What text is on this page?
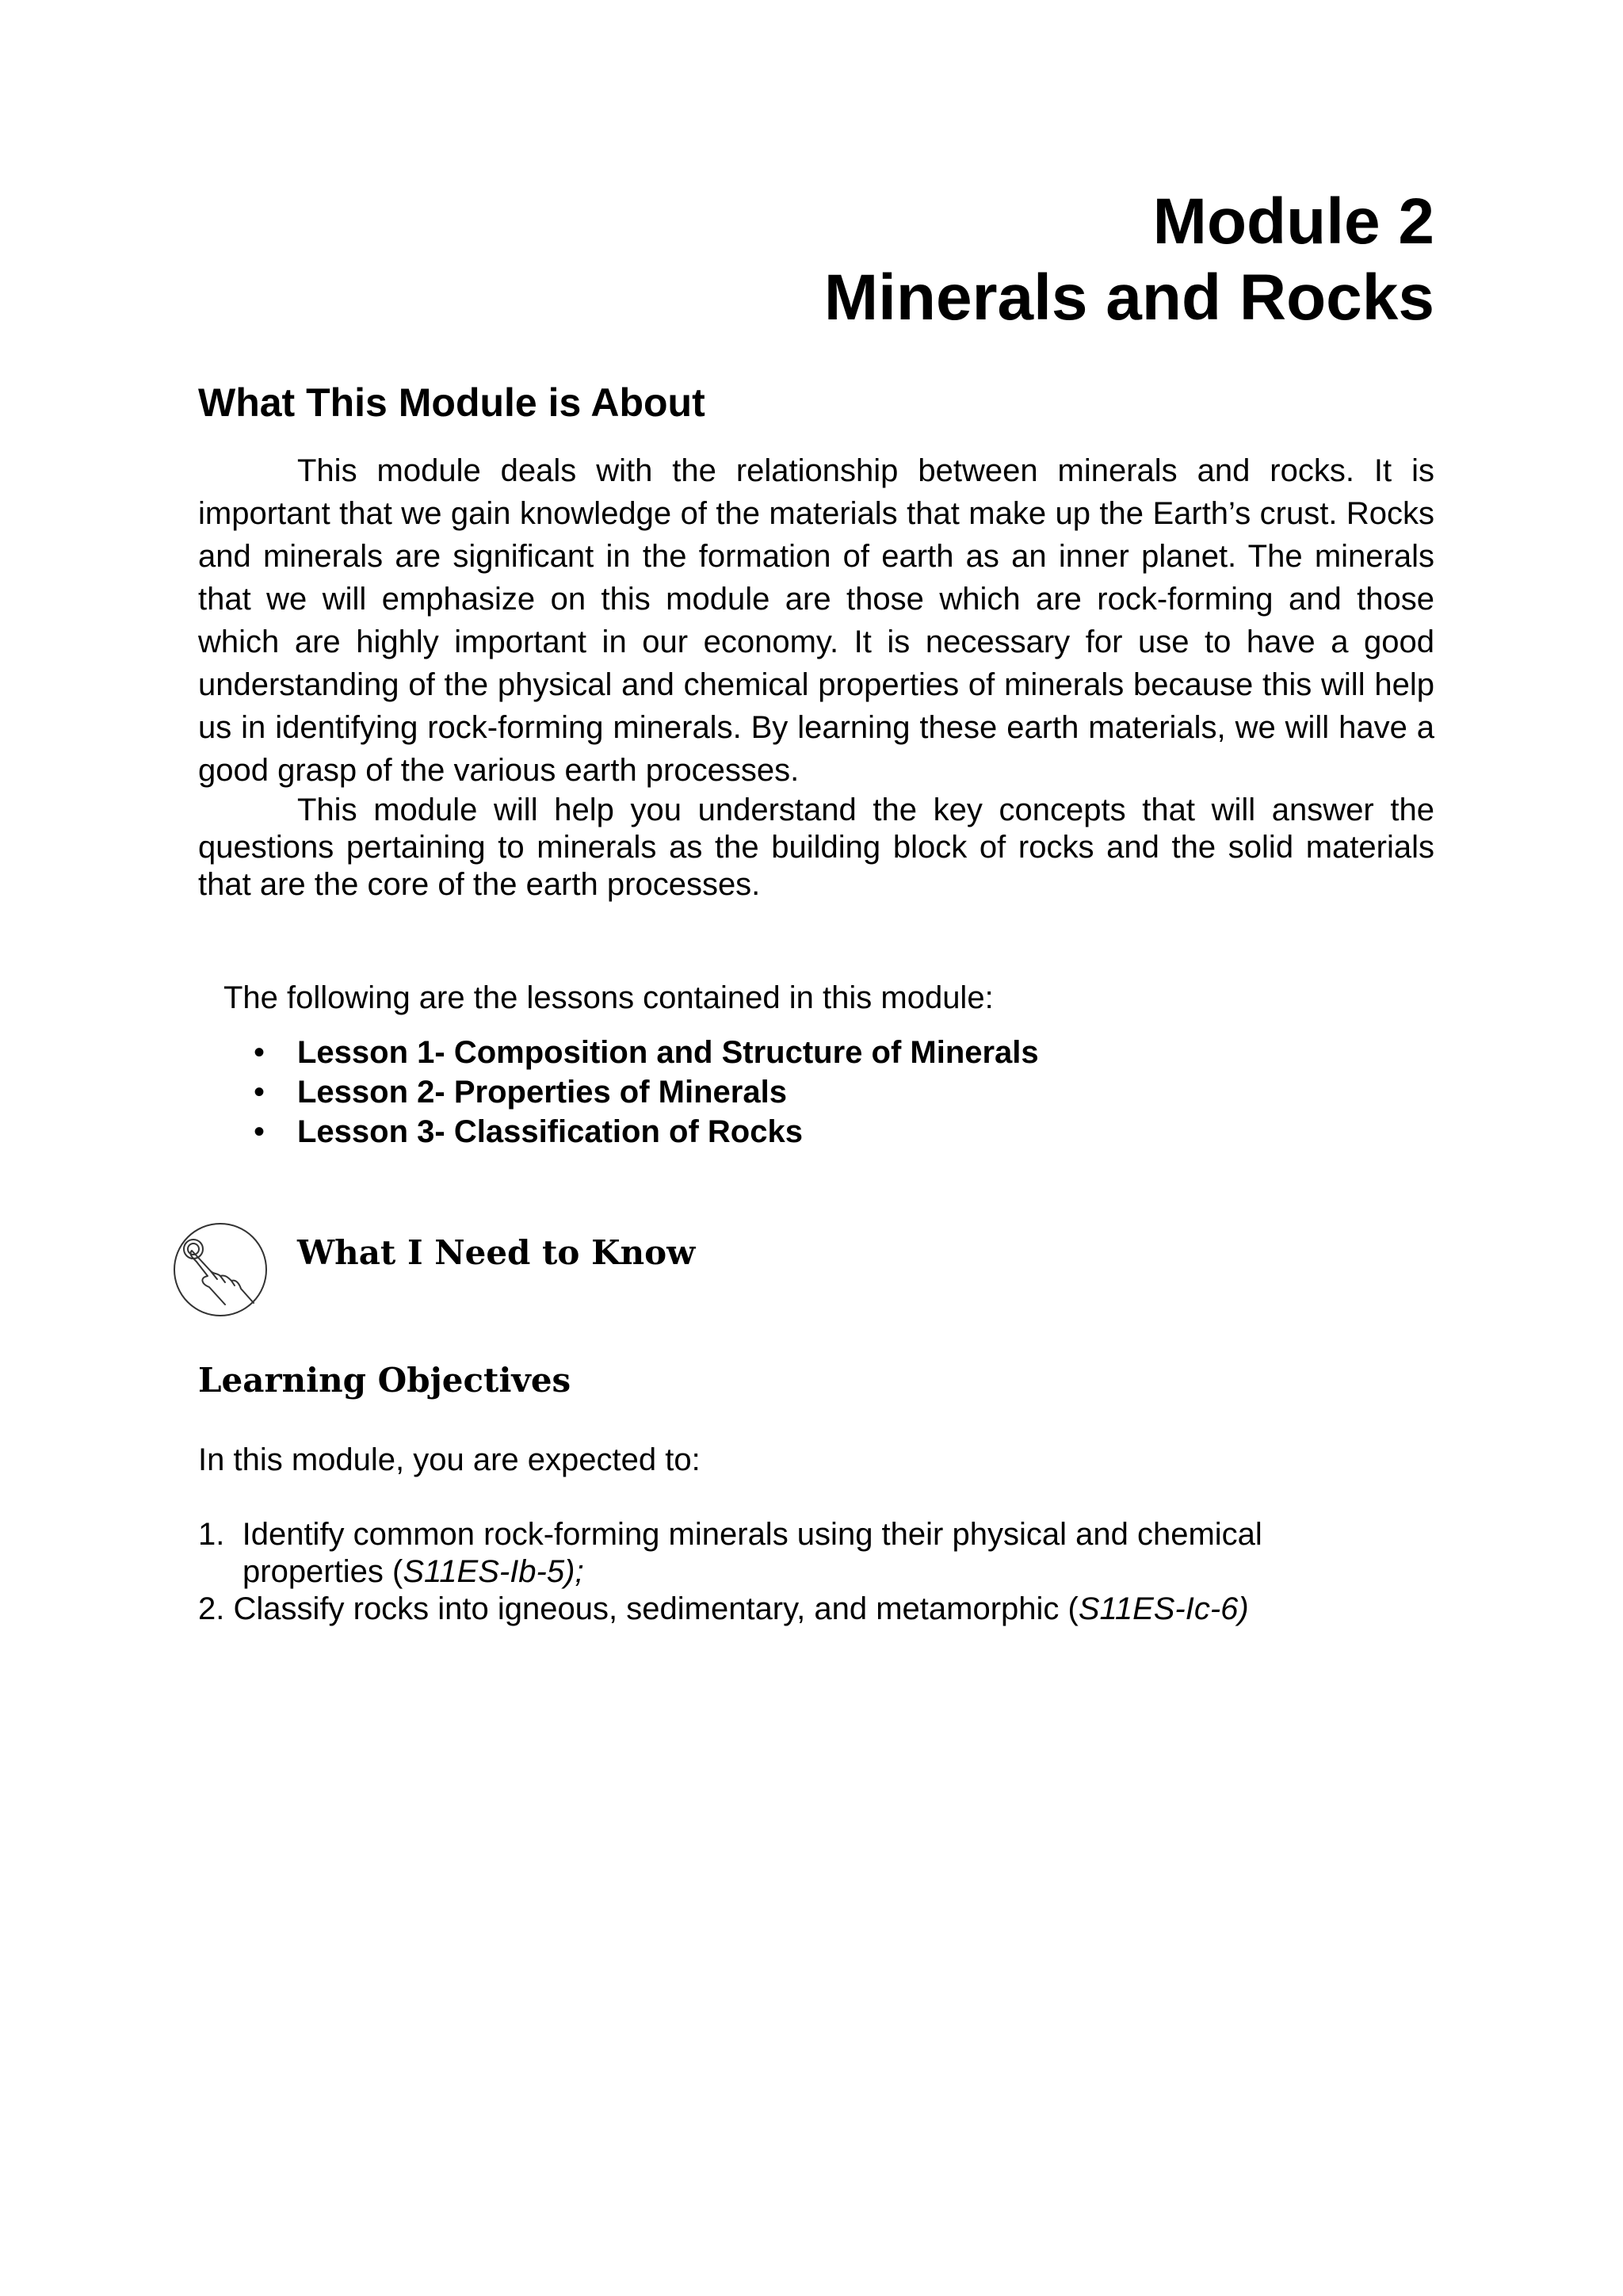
Module 2
Minerals and Rocks
What This Module is About

This module deals with the relationship between minerals and rocks. It is important that we gain knowledge of the materials that make up the Earth’s crust. Rocks and minerals are significant in the formation of earth as an inner planet. The minerals that we will emphasize on this module are those which are rock-forming and those which are highly important in our economy. It is necessary for use to have a good understanding of the physical and chemical properties of minerals because this will help us in identifying rock-forming minerals. By learning these earth materials, we will have a good grasp of the various earth processes.

This module will help you understand the key concepts that will answer the questions pertaining to minerals as the building block of rocks and the solid materials that are the core of the earth processes.

The following are the lessons contained in this module:
• Lesson 1- Composition and Structure of Minerals
• Lesson 2- Properties of Minerals
• Lesson 3- Classification of Rocks
What I Need to Know
Learning Objectives
In this module, you are expected to:
1. Identify common rock-forming minerals using their physical and chemical
properties (S11ES-Ib-5);
2. Classify rocks into igneous, sedimentary, and metamorphic (S11ES-Ic-6)
